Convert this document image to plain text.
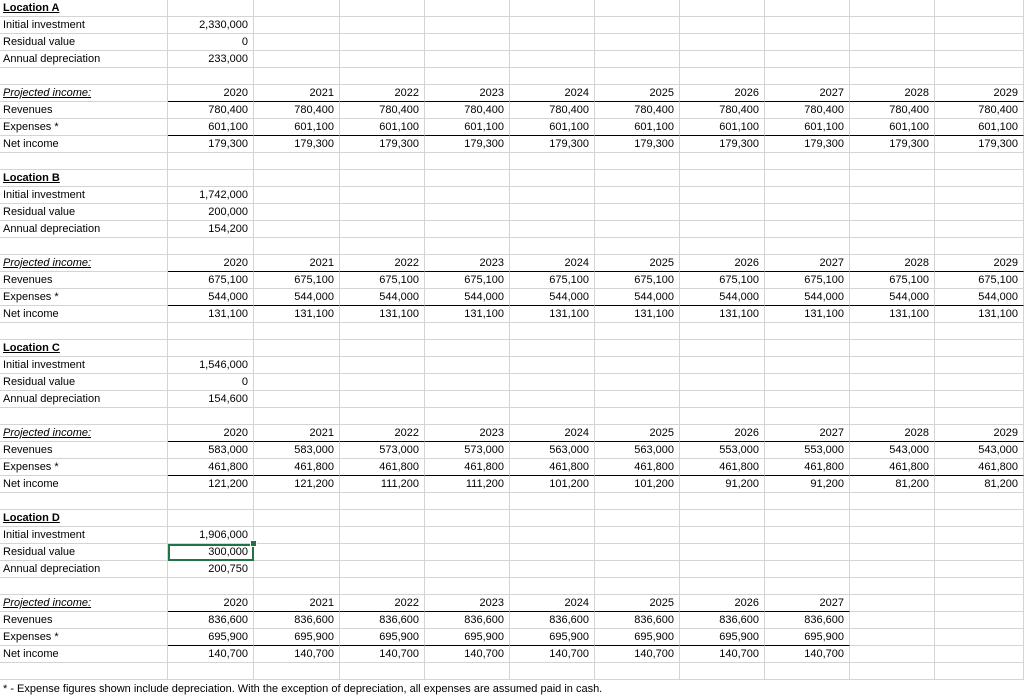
Location A
Initial investment	2,330,000
Residual value	0
Annual depreciation	233,000
Projected income:	2020	2021	2022	2023	2024	2025	2026	2027	2028	2029
Revenues	780,400	780,400	780,400	780,400	780,400	780,400	780,400	780,400	780,400	780,400
Expenses *	601,100	601,100	601,100	601,100	601,100	601,100	601,100	601,100	601,100	601,100
Net income	179,300	179,300	179,300	179,300	179,300	179,300	179,300	179,300	179,300	179,300
Location B
Initial investment	1,742,000
Residual value	200,000
Annual depreciation	154,200
Projected income:	2020	2021	2022	2023	2024	2025	2026	2027	2028	2029
Revenues	675,100	675,100	675,100	675,100	675,100	675,100	675,100	675,100	675,100	675,100
Expenses *	544,000	544,000	544,000	544,000	544,000	544,000	544,000	544,000	544,000	544,000
Net income	131,100	131,100	131,100	131,100	131,100	131,100	131,100	131,100	131,100	131,100
Location C
Initial investment	1,546,000
Residual value	0
Annual depreciation	154,600
Projected income:	2020	2021	2022	2023	2024	2025	2026	2027	2028	2029
Revenues	583,000	583,000	573,000	573,000	563,000	563,000	553,000	553,000	543,000	543,000
Expenses *	461,800	461,800	461,800	461,800	461,800	461,800	461,800	461,800	461,800	461,800
Net income	121,200	121,200	111,200	111,200	101,200	101,200	91,200	91,200	81,200	81,200
Location D
Initial investment	1,906,000
Residual value	300,000
Annual depreciation	200,750
Projected income:	2020	2021	2022	2023	2024	2025	2026	2027
Revenues	836,600	836,600	836,600	836,600	836,600	836,600	836,600	836,600
Expenses *	695,900	695,900	695,900	695,900	695,900	695,900	695,900	695,900
Net income	140,700	140,700	140,700	140,700	140,700	140,700	140,700	140,700
* - Expense figures shown include depreciation. With the exception of depreciation, all expenses are assumed paid in cash.
